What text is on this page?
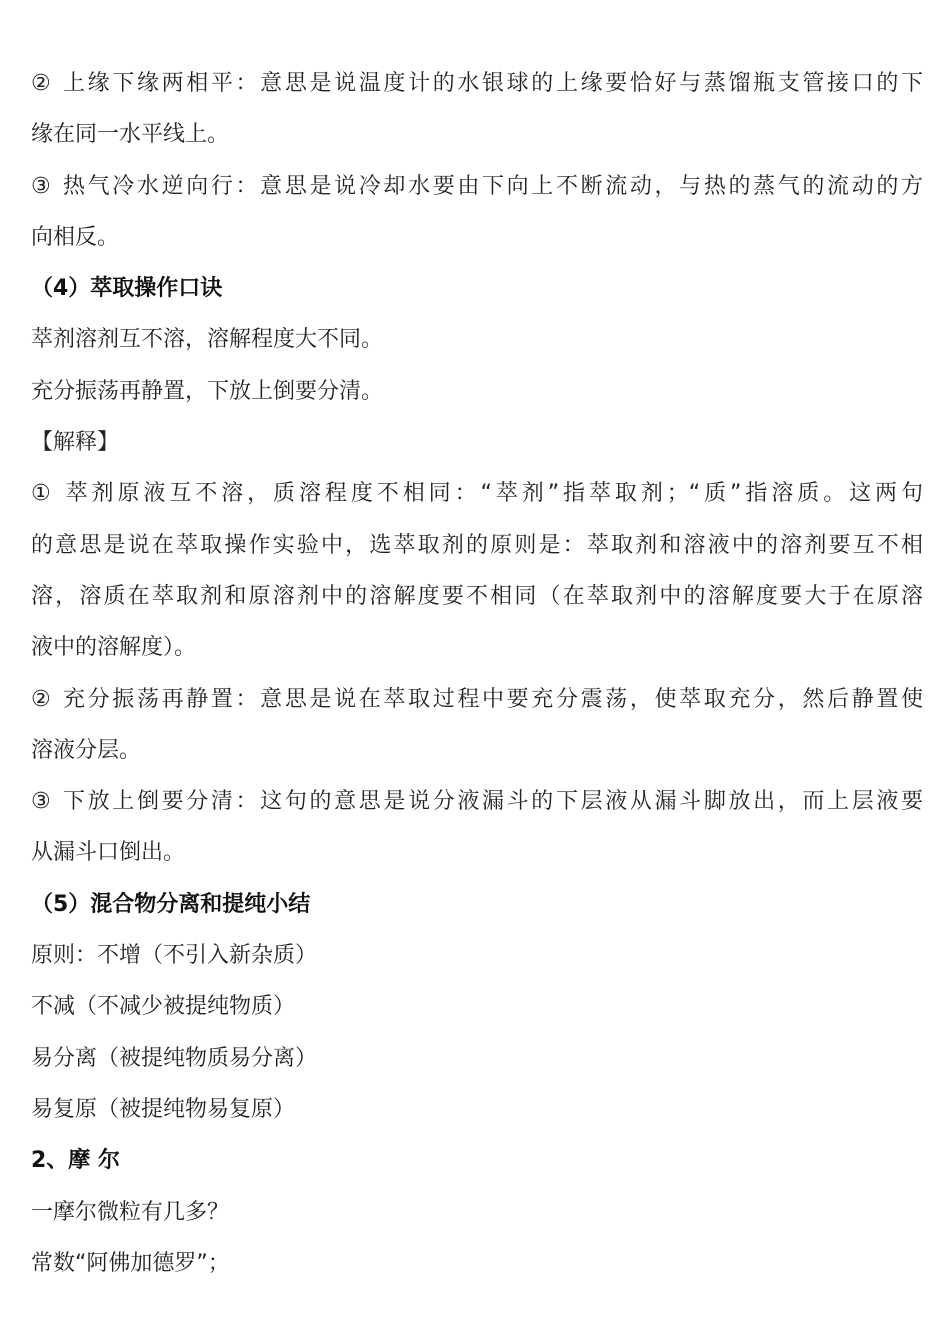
② 上缘下缘两相平：意思是说温度计的水银球的上缘要恰好与蒸馏瓶支管接口的下
缘在同一水平线上。
③ 热气冷水逆向行：意思是说冷却水要由下向上不断流动，与热的蒸气的流动的方
向相反。
（4）萃取操作口诀
萃剂溶剂互不溶，溶解程度大不同。
充分振荡再静置，下放上倒要分清。
【解释】
① 萃剂原液互不溶，质溶程度不相同：“萃剂”指萃取剂；“质”指溶质。这两句
的意思是说在萃取操作实验中，选萃取剂的原则是：萃取剂和溶液中的溶剂要互不相
溶，溶质在萃取剂和原溶剂中的溶解度要不相同（在萃取剂中的溶解度要大于在原溶
液中的溶解度）。
② 充分振荡再静置：意思是说在萃取过程中要充分震荡，使萃取充分，然后静置使
溶液分层。
③ 下放上倒要分清：这句的意思是说分液漏斗的下层液从漏斗脚放出，而上层液要
从漏斗口倒出。
（5）混合物分离和提纯小结
原则：不增（不引入新杂质）
不减（不减少被提纯物质）
易分离（被提纯物质易分离）
易复原（被提纯物易复原）
2、摩 尔
一摩尔微粒有几多？
常数“阿佛加德罗”；
